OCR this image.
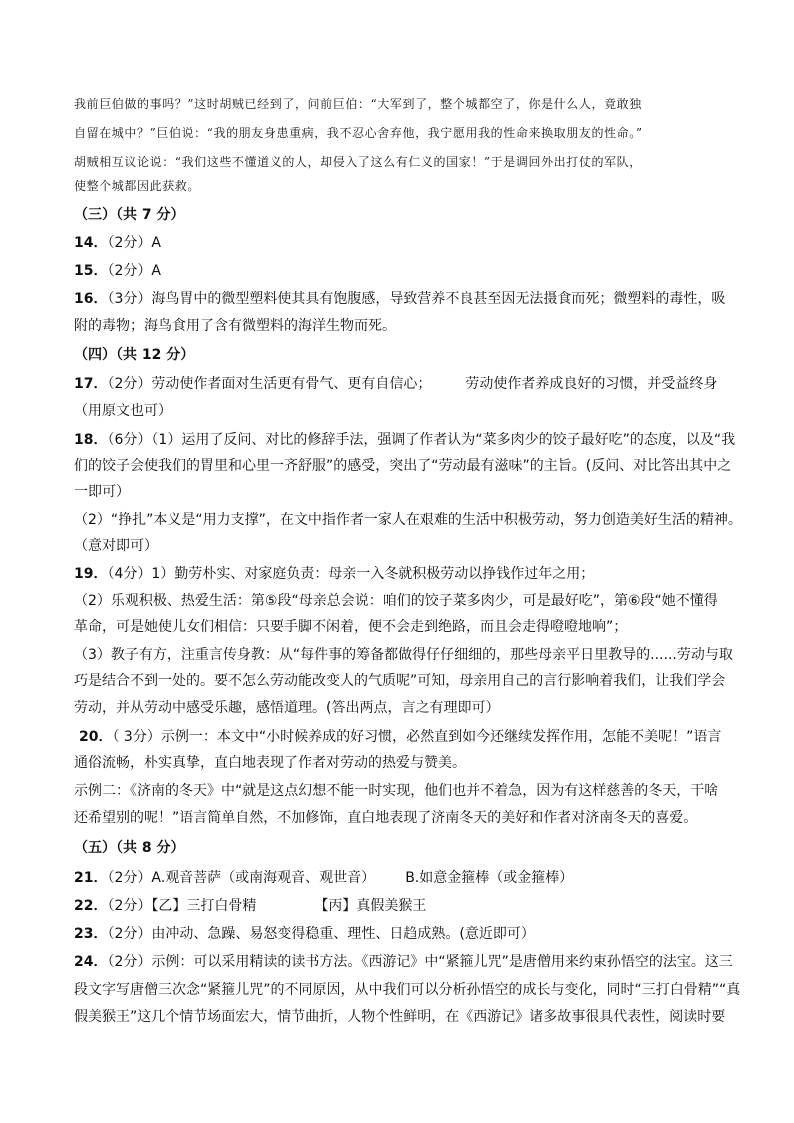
我前巨伯做的事吗？”这时胡贼已经到了，问前巨伯：“大军到了，整个城都空了，你是什么人，竟敢独
自留在城中？”巨伯说：“我的朋友身患重病，我不忍心舍弃他，我宁愿用我的性命来换取朋友的性命。”
胡贼相互议论说：“我们这些不懂道义的人，却侵入了这么有仁义的国家！”于是调回外出打仗的军队，
使整个城都因此获救。
（三）（共 7 分）
14．（2分）A
15．（2分）A
16．（3分）海鸟胃中的微型塑料使其具有饱腹感，导致营养不良甚至因无法摄食而死；微塑料的毒性，吸
附的毒物；海鸟食用了含有微塑料的海洋生物而死。
（四）（共 12 分）
17．（2分）劳动使作者面对生活更有骨气、更有自信心； 劳动使作者养成良好的习惯，并受益终身
（用原文也可）
18．（6分）（1）运用了反问、对比的修辞手法，强调了作者认为“菜多肉少的饺子最好吃”的态度，以及“我
们的饺子会使我们的胃里和心里一齐舒服”的感受，突出了“劳动最有滋味”的主旨。(反问、对比答出其中之
一即可）
（2）“挣扎”本义是“用力支撑”，在文中指作者一家人在艰难的生活中积极劳动，努力创造美好生活的精神。
（意对即可）
19．（4分）1）勤劳朴实、对家庭负责：母亲一入冬就积极劳动以挣钱作过年之用；
（2）乐观积极、热爱生活：第⑤段“母亲总会说：咱们的饺子菜多肉少，可是最好吃”，第⑥段“她不懂得
革命，可是她使儿女们相信：只要手脚不闲着，便不会走到绝路，而且会走得噔噔地响”；
（3）教子有方，注重言传身教：从“每件事的筹备都做得仔仔细细的，那些母亲平日里教导的......劳动与取
巧是结合不到一处的。要不怎么劳动能改变人的气质呢”可知，母亲用自己的言行影响着我们，让我们学会
劳动，并从劳动中感受乐趣，感悟道理。(答出两点，言之有理即可）
20．（ 3分）示例一：本文中“小时候养成的好习惯，必然直到如今还继续发挥作用，怎能不美呢！”语言
通俗流畅，朴实真挚，直白地表现了作者对劳动的热爱与赞美。
示例二：《济南的冬天》中“就是这点幻想不能一时实现，他们也并不着急，因为有这样慈善的冬天，干啥
还希望别的呢！”语言简单自然，不加修饰，直白地表现了济南冬天的美好和作者对济南冬天的喜爱。
（五）（共 8 分）
21．（2分）A.观音菩萨（或南海观音、观世音） B.如意金箍棒（或金箍棒）
22．（2分）【乙】三打白骨精	【丙】真假美猴王
23．（2分）由冲动、急躁、易怒变得稳重、理性、日趋成熟。(意近即可）
24．（2分）示例：可以采用精读的读书方法。《西游记》中“紧箍儿咒”是唐僧用来约束孙悟空的法宝。这三
段文字写唐僧三次念“紧箍儿咒”的不同原因，从中我们可以分析孙悟空的成长与变化，同时“三打白骨精”“真
假美猴王”这几个情节场面宏大，情节曲折，人物个性鲜明，在《西游记》诸多故事很具代表性，阅读时要
